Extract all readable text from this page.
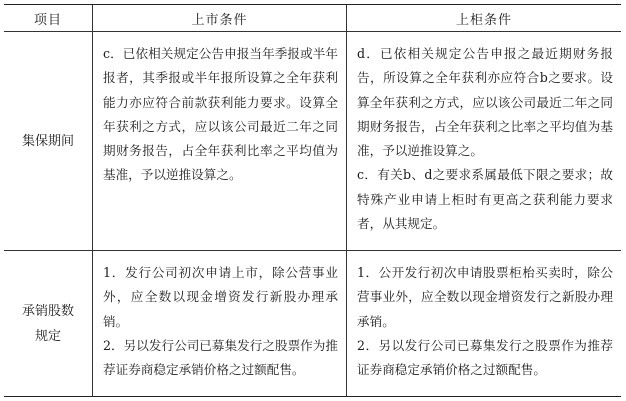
项目	上市条件	上柜条件
集保期间

c．已依相关规定公告申报当年季报或半年报者，其季报或半年报所设算之全年获利能力亦应符合前款获利能力要求。设算全年获利之方式，应以该公司最近二年之同期财务报告，占全年获利比率之平均值为基准，予以逆推设算之。

d．已依相关规定公告申报之最近期财务报告，所设算之全年获利亦应符合b之要求。设算全年获利之方式，应以该公司最近二年之同期财务报告，占全年获利之比率之平均值为基准，予以逆推设算之。

c．有关b、d之要求系属最低下限之要求；故特殊产业申请上柜时有更高之获利能力要求者，从其规定。

承销股数规定

1．发行公司初次申请上市，除公营事业外，应全数以现金增资发行新股办理承销。

2．另以发行公司已募集发行之股票作为推荐证券商稳定承销价格之过额配售。

1．公开发行初次申请股票柜枱买卖时，除公营事业外，应全数以现金增资发行之新股办理承销。

2．另以发行公司已募集发行之股票作为推荐证券商稳定承销价格之过额配售。
